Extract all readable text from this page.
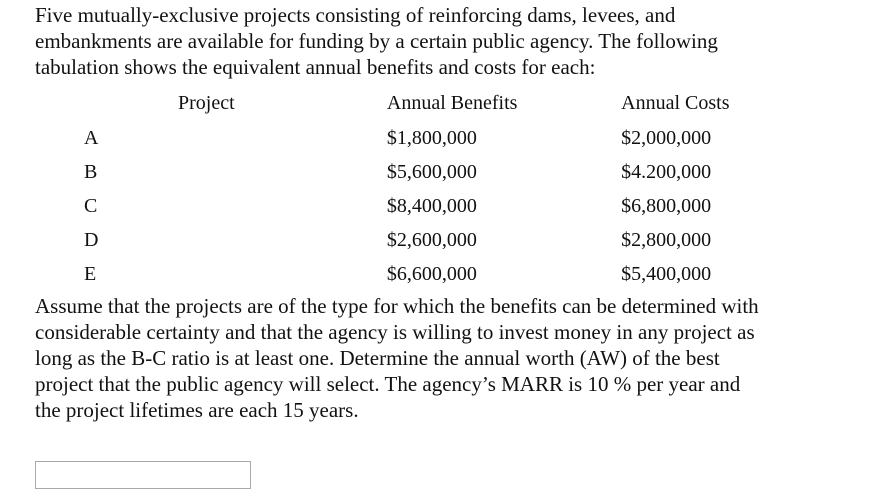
Five mutually-exclusive projects consisting of reinforcing dams, levees, and
embankments are available for funding by a certain public agency. The following
tabulation shows the equivalent annual benefits and costs for each:

Project	Annual Benefits	Annual Costs
A	$1,800,000	$2,000,000
B	$5,600,000	$4.200,000
C	$8,400,000	$6,800,000
D	$2,600,000	$2,800,000
E	$6,600,000	$5,400,000

Assume that the projects are of the type for which the benefits can be determined with
considerable certainty and that the agency is willing to invest money in any project as
long as the B-C ratio is at least one. Determine the annual worth (AW) of the best
project that the public agency will select. The agency’s MARR is 10 % per year and
the project lifetimes are each 15 years.
